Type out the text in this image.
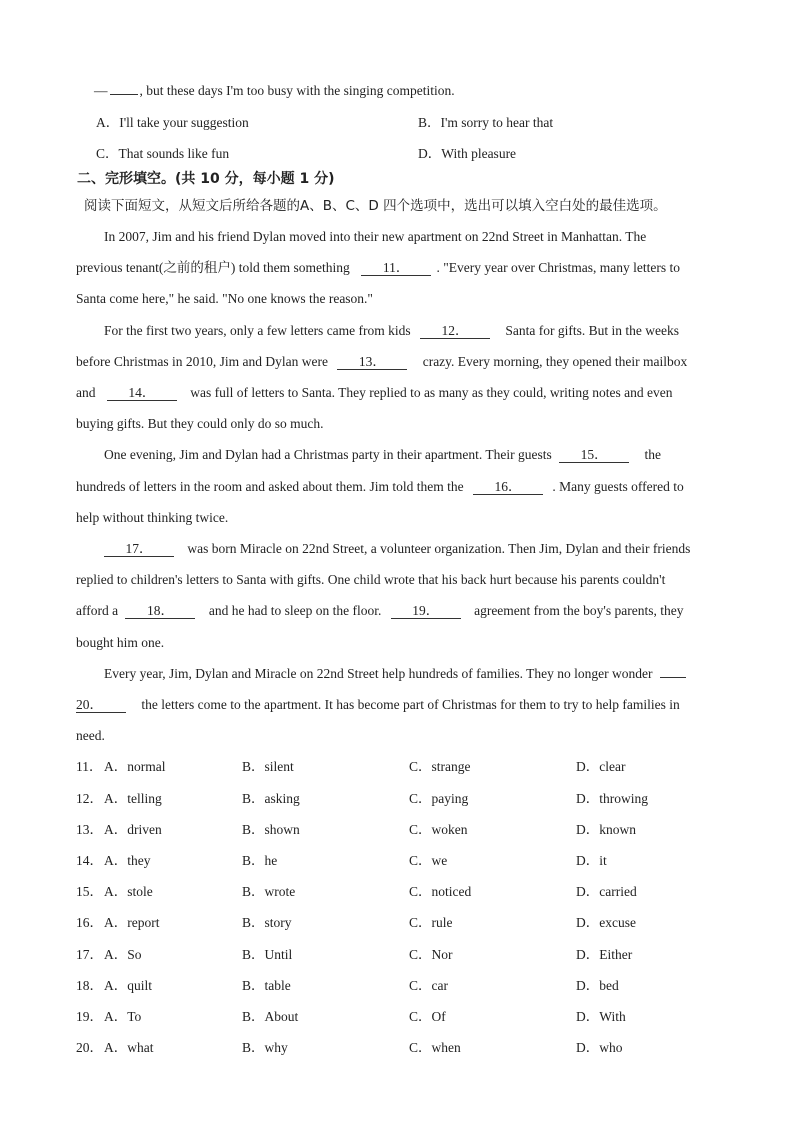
— , but these days I'm too busy with the singing competition.
A．I'll take your suggestion	B．I'm sorry to hear that
C．That sounds like fun	D．With pleasure
二、完形填空。(共 10 分，每小题 1 分)
阅读下面短文，从短文后所给各题的A、B、C、D 四个选项中，选出可以填入空白处的最佳选项。
In 2007, Jim and his friend Dylan moved into their new apartment on 22nd Street in Manhattan. The
previous tenant(之前的租户) told them something 11． . "Every year over Christmas, many letters to
Santa come here," he said. "No one knows the reason."
For the first two years, only a few letters came from kids 12．	Santa for gifts. But in the weeks
before Christmas in 2010, Jim and Dylan were 13．	crazy. Every morning, they opened their mailbox
and 14．	was full of letters to Santa. They replied to as many as they could, writing notes and even
buying gifts. But they could only do so much.
One evening, Jim and Dylan had a Christmas party in their apartment. Their guests 15．	the
hundreds of letters in the room and asked about them. Jim told them the 16． . Many guests offered to
help without thinking twice.
17．	was born Miracle on 22nd Street, a volunteer organization. Then Jim, Dylan and their friends
replied to children's letters to Santa with gifts. One child wrote that his back hurt because his parents couldn't
afford a 18．	and he had to sleep on the floor. 19．	agreement from the boy's parents, they
bought him one.
Every year, Jim, Dylan and Miracle on 22nd Street help hundreds of families. They no longer wonder
20．	the letters come to the apartment. It has become part of Christmas for them to try to help families in
need.
11． A．normal	B．silent	C．strange	D．clear
12． A．telling	B．asking	C．paying	D．throwing
13． A．driven	B．shown	C．woken	D．known
14． A．they	B．he	C．we	D．it
15． A．stole	B．wrote	C．noticed	D．carried
16． A．report	B．story	C．rule	D．excuse
17． A．So	B．Until	C．Nor	D．Either
18． A．quilt	B．table	C．car	D．bed
19． A．To	B．About	C．Of	D．With
20． A．what	B．why	C．when	D．who
